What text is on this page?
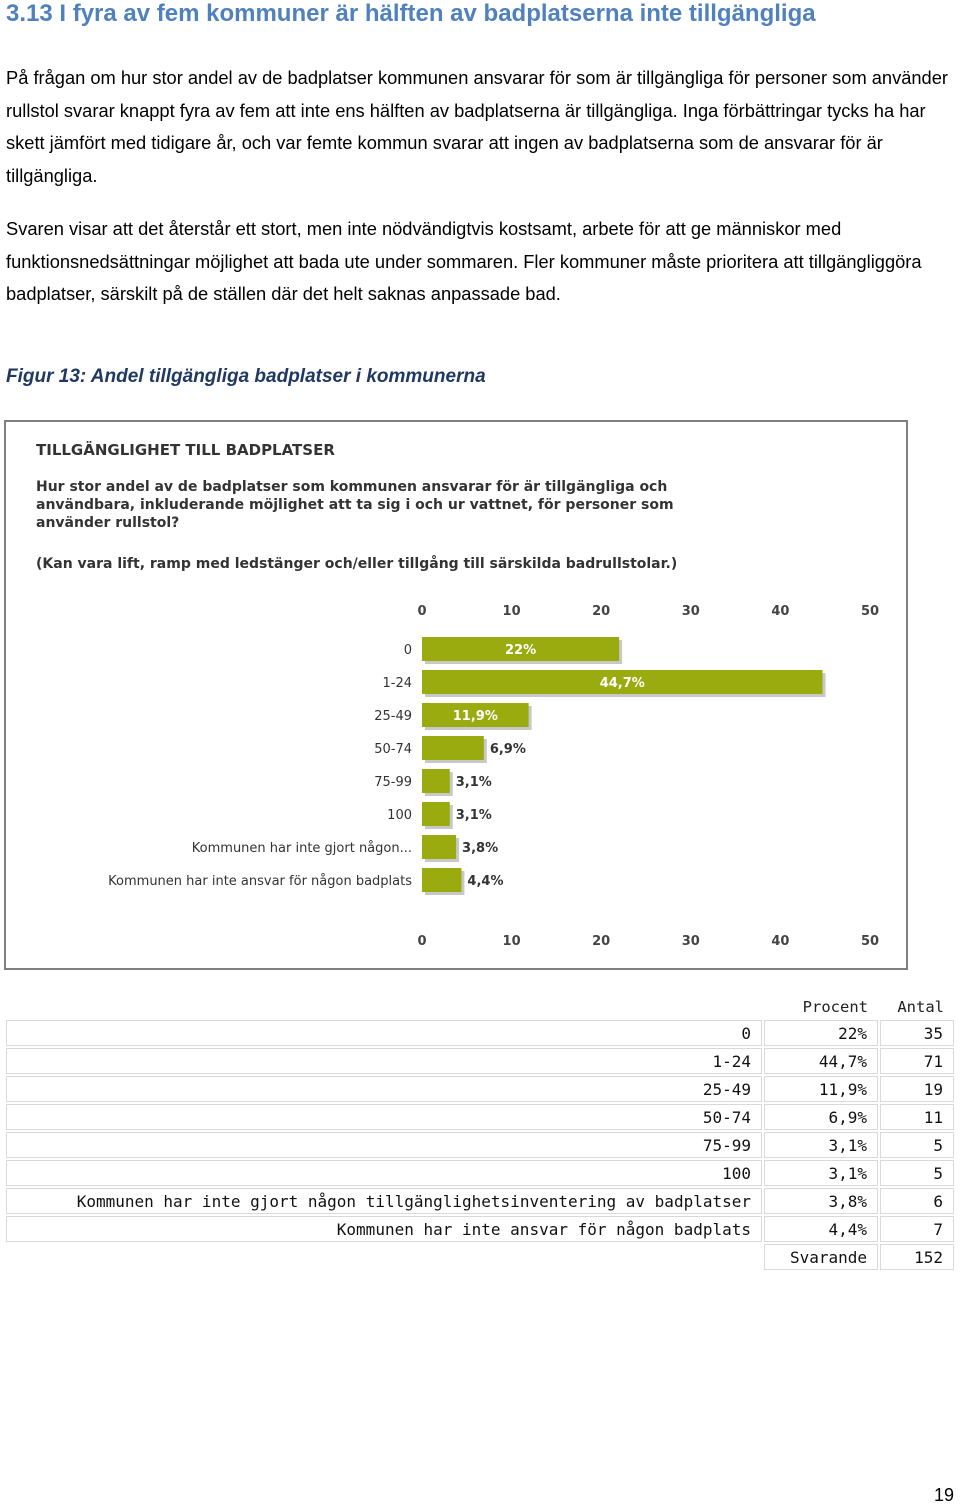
3.13 I fyra av fem kommuner är hälften av badplatserna inte tillgängliga

På frågan om hur stor andel av de badplatser kommunen ansvarar för som är tillgängliga för personer som använder rullstol svarar knappt fyra av fem att inte ens hälften av badplatserna är tillgängliga. Inga förbättringar tycks ha har skett jämfört med tidigare år, och var femte kommun svarar att ingen av badplatserna som de ansvarar för är tillgängliga.

Svaren visar att det återstår ett stort, men inte nödvändigtvis kostsamt, arbete för att ge människor med funktionsnedsättningar möjlighet att bada ute under sommaren. Fler kommuner måste prioritera att tillgängliggöra badplatser, särskilt på de ställen där det helt saknas anpassade bad.

Figur 13: Andel tillgängliga badplatser i kommunerna

TILLGÄNGLIGHET TILL BADPLATSER
Hur stor andel av de badplatser som kommunen ansvarar för är tillgängliga och
användbara, inkluderande möjlighet att ta sig i och ur vattnet, för personer som
använder rullstol?
(Kan vara lift, ramp med ledstänger och/eller tillgång till särskilda badrullstolar.)
0
0
10
10
20
20
30
30
40
40
50
50
22%
0
44,7%
1-24
11,9%
25-49
6,9%
50-74
3,1%
75-99
3,1%
100
3,8%
Kommunen har inte gjort någon...
4,4%
Kommunen har inte ansvar för någon badplats
	Procent	Antal
0	22%	35
1-24	44,7%	71
25-49	11,9%	19
50-74	6,9%	11
75-99	3,1%	5
100	3,1%	5
Kommunen har inte gjort någon tillgänglighetsinventering av badplatser	3,8%	6
Kommunen har inte ansvar för någon badplats	4,4%	7
	Svarande	152
19
